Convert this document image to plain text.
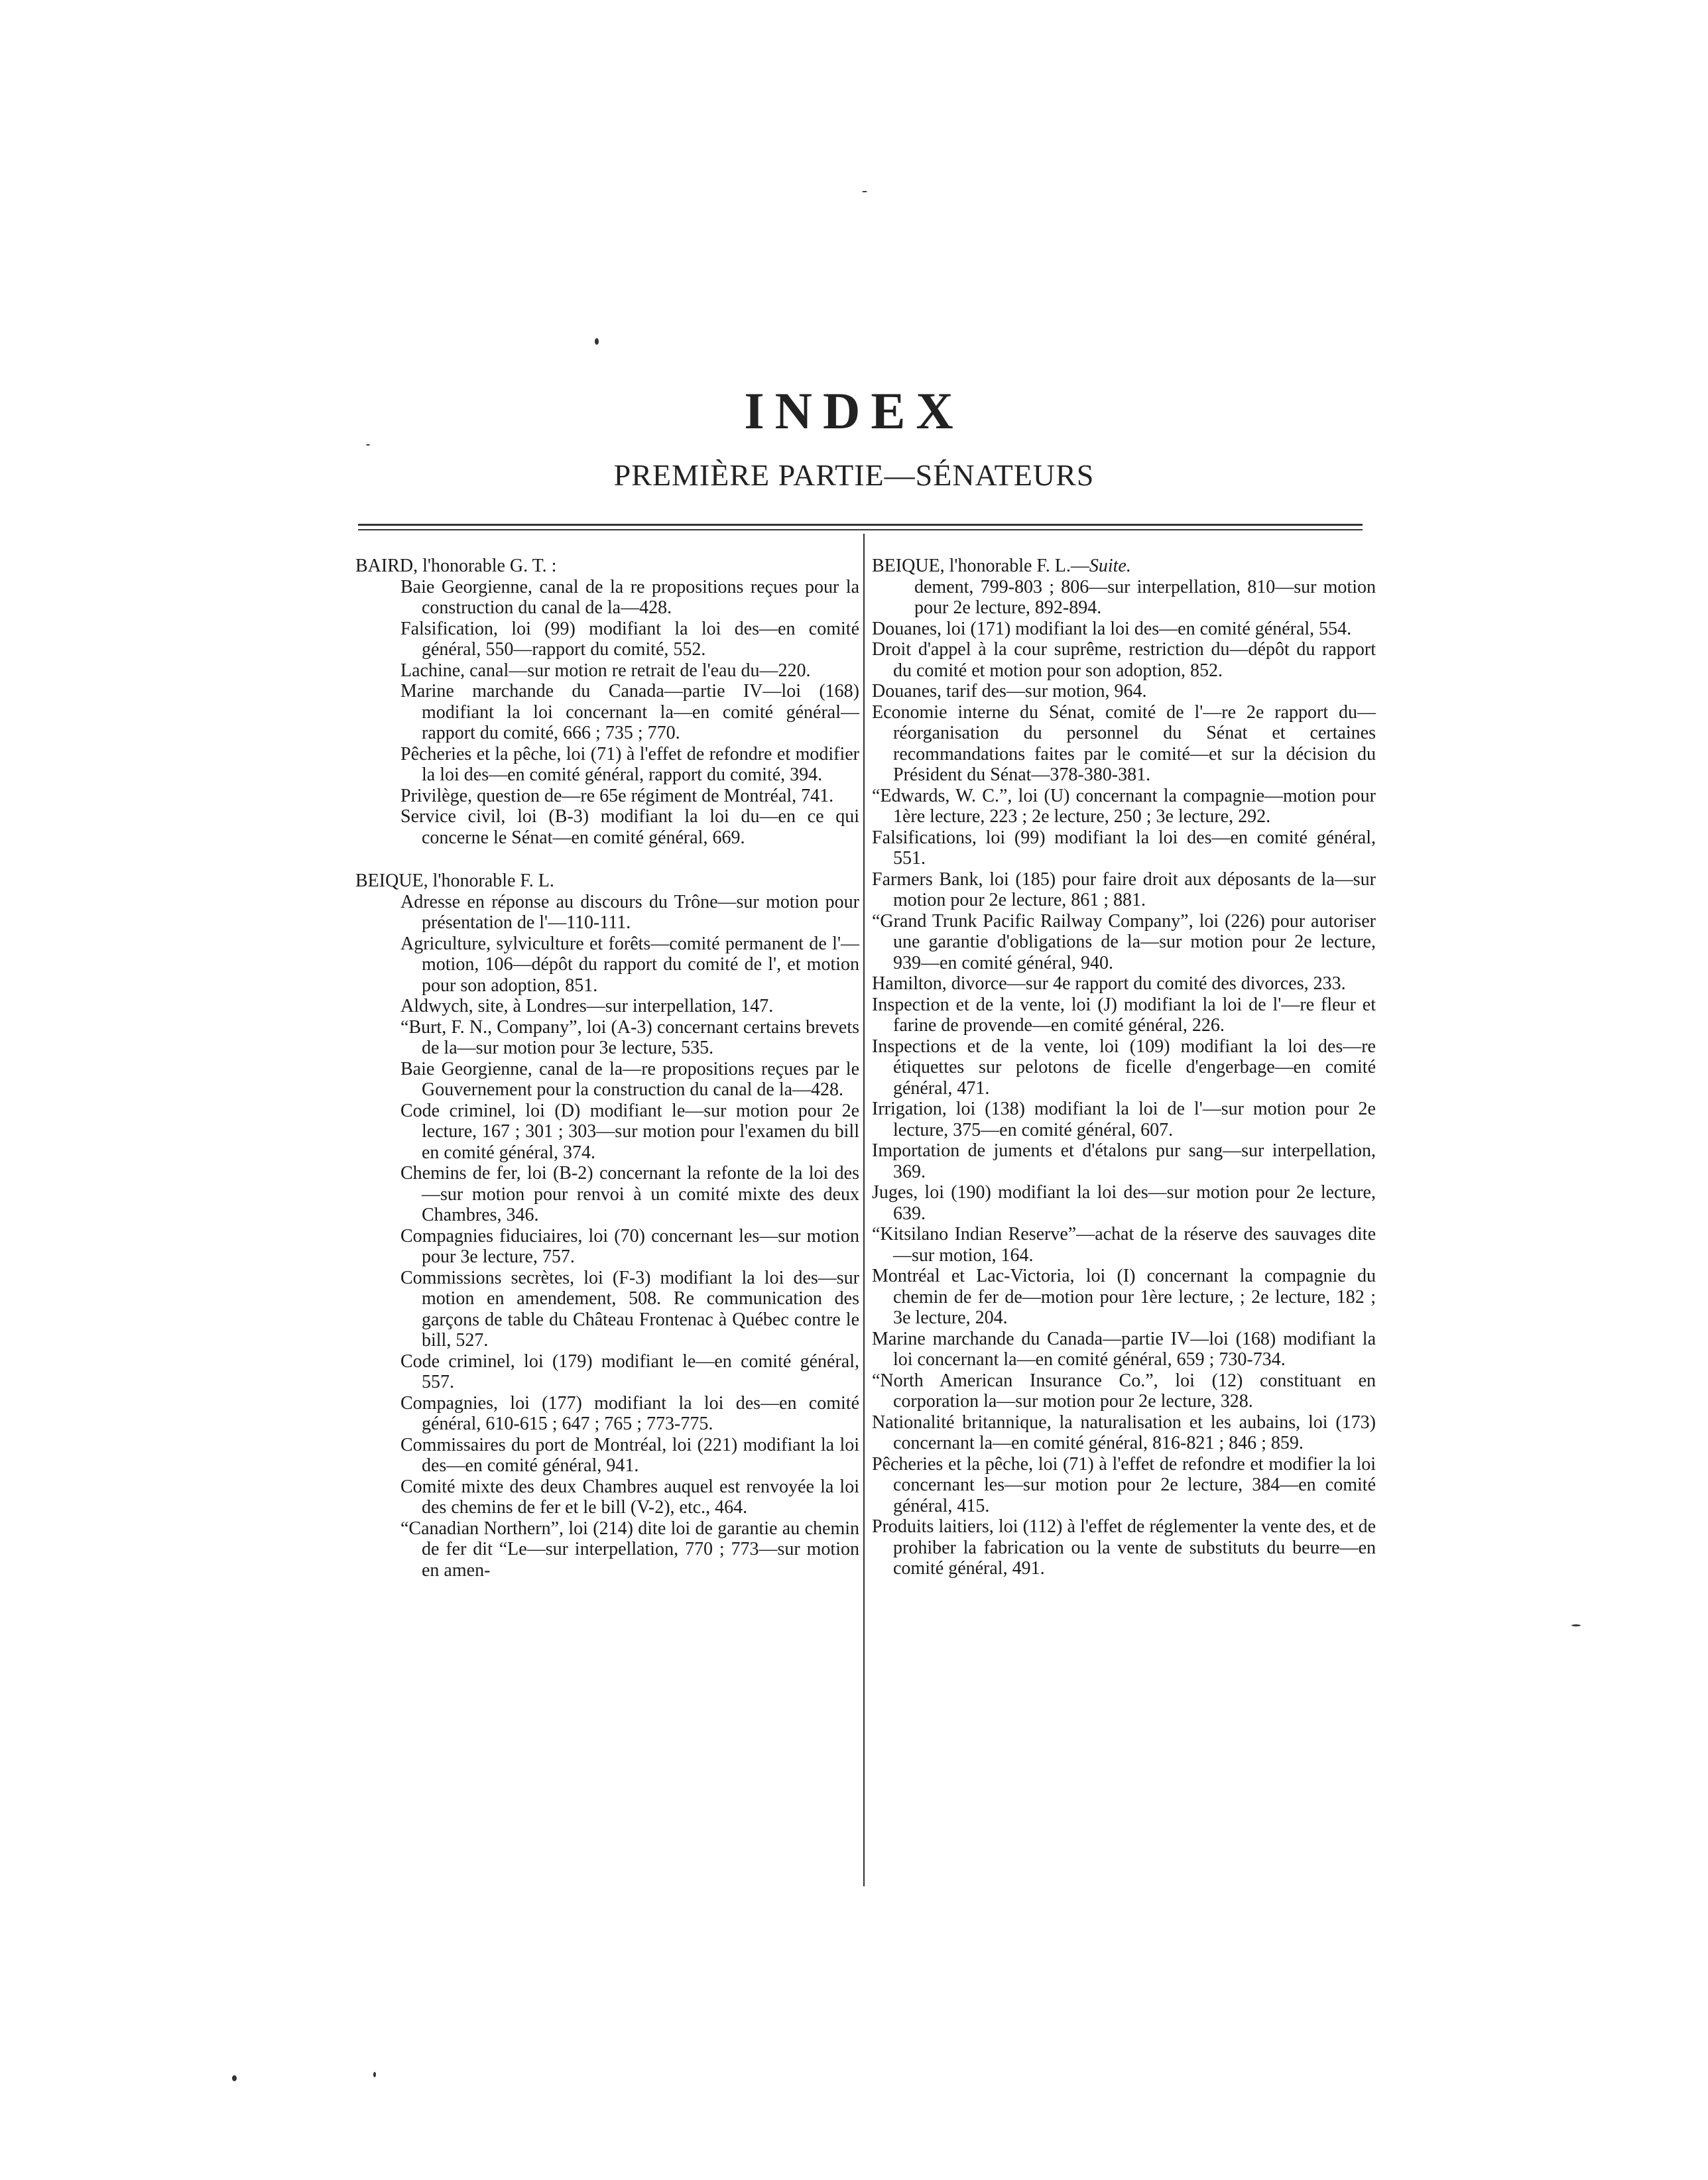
INDEX
PREMIÈRE PARTIE—SÉNATEURS

BAIRD, l'honorable G. T. :

Baie Georgienne, canal de la re propositions reçues pour la construction du canal de la—428.

Falsification, loi (99) modifiant la loi des—en comité général, 550—rapport du comité, 552.

Lachine, canal—sur motion re retrait de l'eau du—220.

Marine marchande du Canada—partie IV—loi (168) modifiant la loi concernant la—en comité général—rapport du comité, 666 ; 735 ; 770.

Pêcheries et la pêche, loi (71) à l'effet de refondre et modifier la loi des—en comité général, rapport du comité, 394.

Privilège, question de—re 65e régiment de Montréal, 741.

Service civil, loi (B-3) modifiant la loi du—en ce qui concerne le Sénat—en comité général, 669.

BEIQUE, l'honorable F. L.

Adresse en réponse au discours du Trône—sur motion pour présentation de l'—110-111.

Agriculture, sylviculture et forêts—comité permanent de l'—motion, 106—dépôt du rapport du comité de l', et motion pour son adoption, 851.

Aldwych, site, à Londres—sur interpellation, 147.

“Burt, F. N., Company”, loi (A-3) concernant certains brevets de la—sur motion pour 3e lecture, 535.

Baie Georgienne, canal de la—re propositions reçues par le Gouvernement pour la construction du canal de la—428.

Code criminel, loi (D) modifiant le—sur motion pour 2e lecture, 167 ; 301 ; 303—sur motion pour l'examen du bill en comité général, 374.

Chemins de fer, loi (B-2) concernant la refonte de la loi des—sur motion pour renvoi à un comité mixte des deux Chambres, 346.

Compagnies fiduciaires, loi (70) concernant les—sur motion pour 3e lecture, 757.

Commissions secrètes, loi (F-3) modifiant la loi des—sur motion en amendement, 508. Re communication des garçons de table du Château Frontenac à Québec contre le bill, 527.

Code criminel, loi (179) modifiant le—en comité général, 557.

Compagnies, loi (177) modifiant la loi des—en comité général, 610-615 ; 647 ; 765 ; 773-775.

Commissaires du port de Montréal, loi (221) modifiant la loi des—en comité général, 941.

Comité mixte des deux Chambres auquel est renvoyée la loi des chemins de fer et le bill (V-2), etc., 464.

“Canadian Northern”, loi (214) dite loi de garantie au chemin de fer dit “Le—sur interpellation, 770 ; 773—sur motion en amen-

BEIQUE, l'honorable F. L.—Suite.

dement, 799-803 ; 806—sur interpellation, 810—sur motion pour 2e lecture, 892-894.

Douanes, loi (171) modifiant la loi des—en comité général, 554.

Droit d'appel à la cour suprême, restriction du—dépôt du rapport du comité et motion pour son adoption, 852.

Douanes, tarif des—sur motion, 964.

Economie interne du Sénat, comité de l'—re 2e rapport du—réorganisation du personnel du Sénat et certaines recommandations faites par le comité—et sur la décision du Président du Sénat—378-380-381.

“Edwards, W. C.”, loi (U) concernant la compagnie—motion pour 1ère lecture, 223 ; 2e lecture, 250 ; 3e lecture, 292.

Falsifications, loi (99) modifiant la loi des—en comité général, 551.

Farmers Bank, loi (185) pour faire droit aux déposants de la—sur motion pour 2e lecture, 861 ; 881.

“Grand Trunk Pacific Railway Company”, loi (226) pour autoriser une garantie d'obligations de la—sur motion pour 2e lecture, 939—en comité général, 940.

Hamilton, divorce—sur 4e rapport du comité des divorces, 233.

Inspection et de la vente, loi (J) modifiant la loi de l'—re fleur et farine de provende—en comité général, 226.

Inspections et de la vente, loi (109) modifiant la loi des—re étiquettes sur pelotons de ficelle d'engerbage—en comité général, 471.

Irrigation, loi (138) modifiant la loi de l'—sur motion pour 2e lecture, 375—en comité général, 607.

Importation de juments et d'étalons pur sang—sur interpellation, 369.

Juges, loi (190) modifiant la loi des—sur motion pour 2e lecture, 639.

“Kitsilano Indian Reserve”—achat de la réserve des sauvages dite—sur motion, 164.

Montréal et Lac-Victoria, loi (I) concernant la compagnie du chemin de fer de—motion pour 1ère lecture, ; 2e lecture, 182 ; 3e lecture, 204.

Marine marchande du Canada—partie IV—loi (168) modifiant la loi concernant la—en comité général, 659 ; 730-734.

“North American Insurance Co.”, loi (12) constituant en corporation la—sur motion pour 2e lecture, 328.

Nationalité britannique, la naturalisation et les aubains, loi (173) concernant la—en comité général, 816-821 ; 846 ; 859.

Pêcheries et la pêche, loi (71) à l'effet de refondre et modifier la loi concernant les—sur motion pour 2e lecture, 384—en comité général, 415.

Produits laitiers, loi (112) à l'effet de réglementer la vente des, et de prohiber la fabrication ou la vente de substituts du beurre—en comité général, 491.
